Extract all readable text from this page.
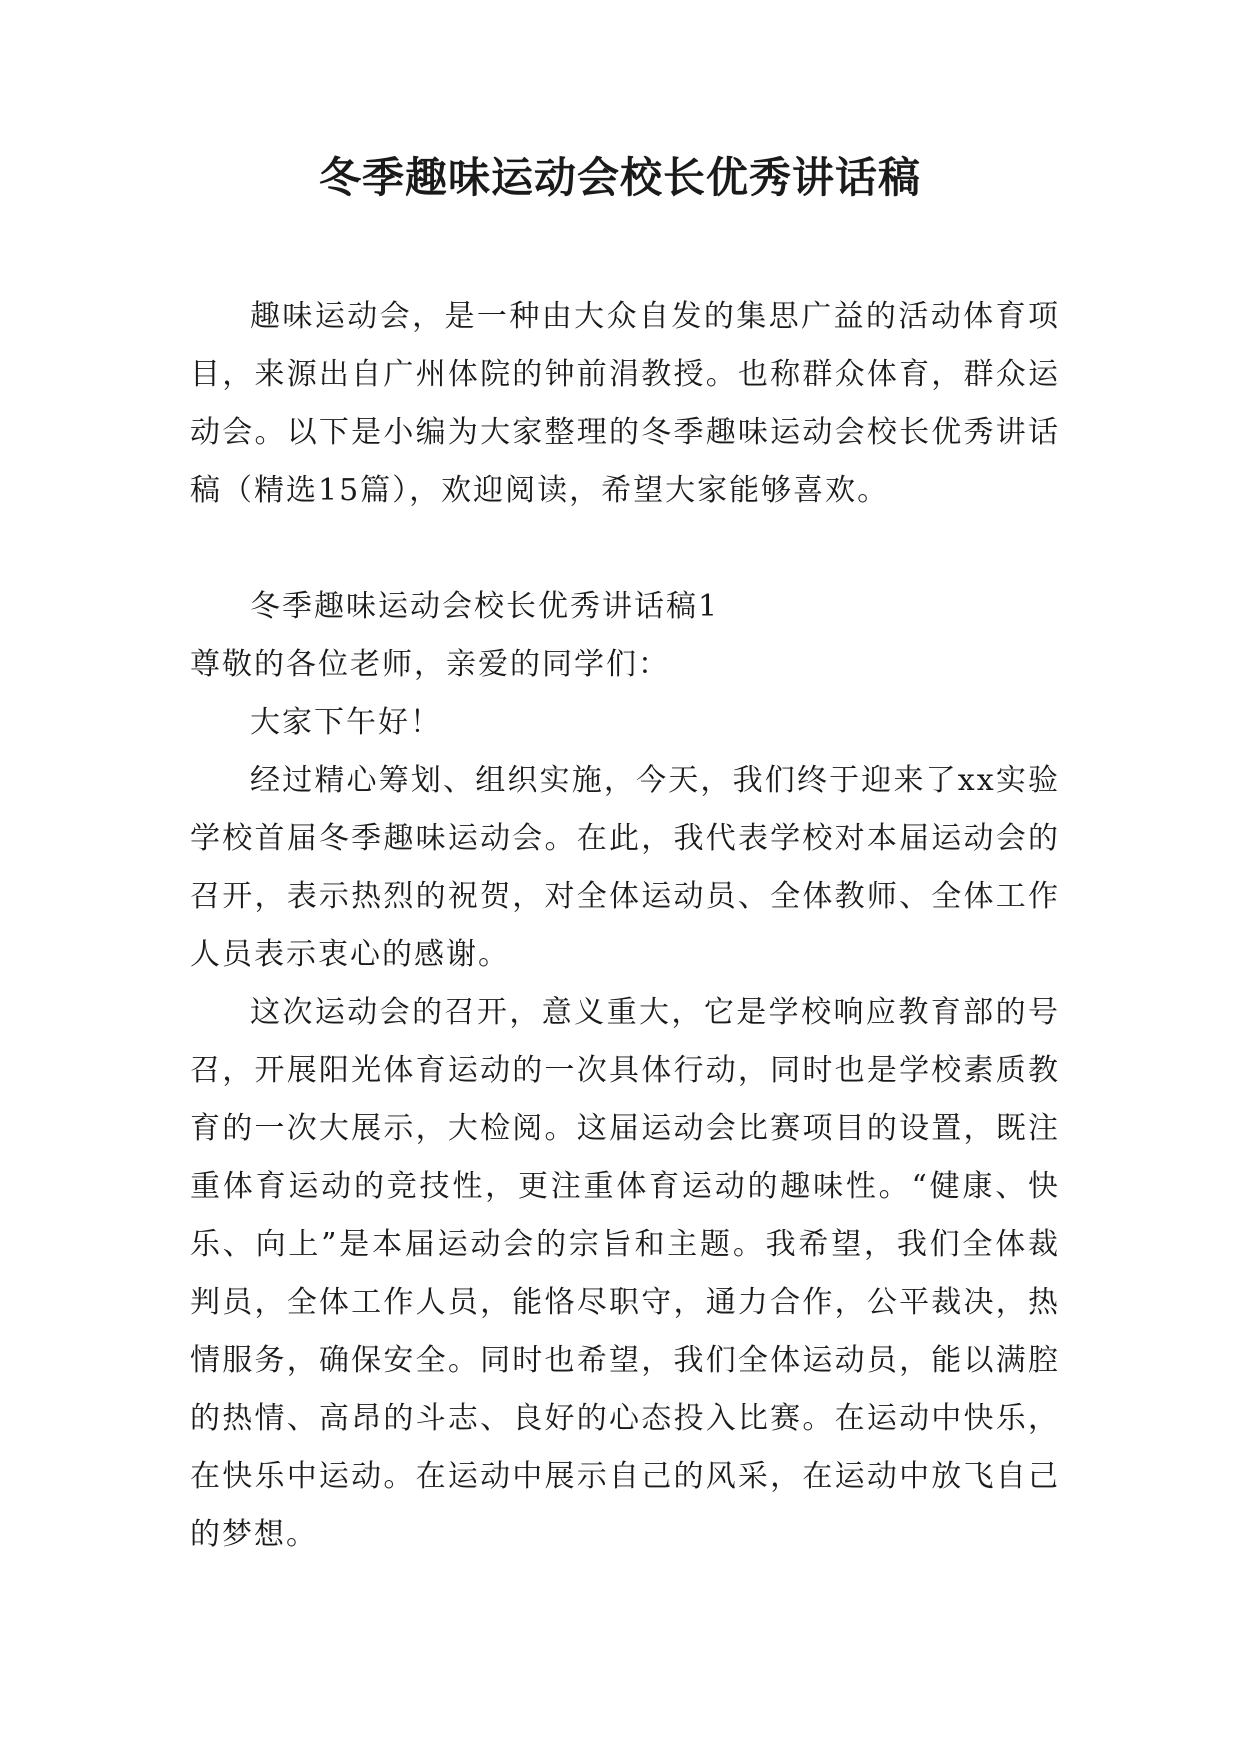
冬季趣味运动会校长优秀讲话稿

趣味运动会，是一种由大众自发的集思广益的活动体育项目，来源出自广州体院的钟前涓教授。也称群众体育，群众运动会。以下是小编为大家整理的冬季趣味运动会校长优秀讲话稿（精选15篇），欢迎阅读，希望大家能够喜欢。

冬季趣味运动会校长优秀讲话稿1

尊敬的各位老师，亲爱的同学们：

大家下午好！

经过精心筹划、组织实施，今天，我们终于迎来了xx实验学校首届冬季趣味运动会。在此，我代表学校对本届运动会的召开，表示热烈的祝贺，对全体运动员、全体教师、全体工作人员表示衷心的感谢。

这次运动会的召开，意义重大，它是学校响应教育部的号召，开展阳光体育运动的一次具体行动，同时也是学校素质教育的一次大展示，大检阅。这届运动会比赛项目的设置，既注重体育运动的竞技性，更注重体育运动的趣味性。“健康、快乐、向上”是本届运动会的宗旨和主题。我希望，我们全体裁判员，全体工作人员，能恪尽职守，通力合作，公平裁决，热情服务，确保安全。同时也希望，我们全体运动员，能以满腔的热情、高昂的斗志、良好的心态投入比赛。在运动中快乐，在快乐中运动。在运动中展示自己的风采，在运动中放飞自己的梦想。
